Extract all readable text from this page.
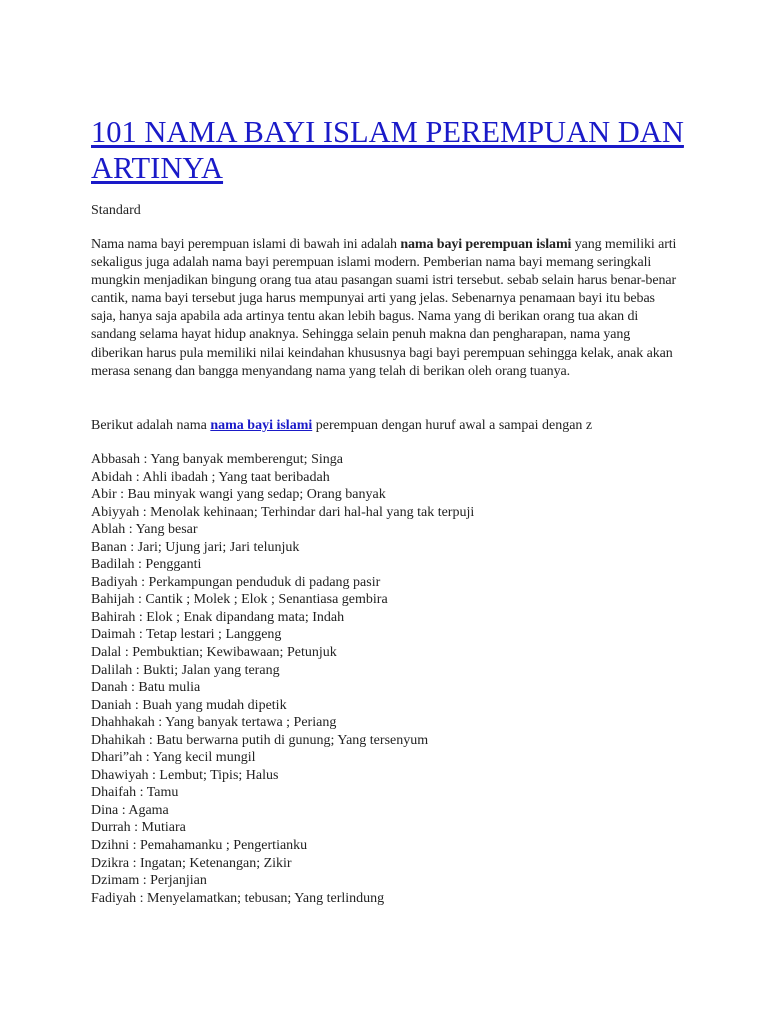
101 NAMA BAYI ISLAM PEREMPUAN DAN ARTINYA
Standard

Nama nama bayi perempuan islami di bawah ini adalah nama bayi perempuan islami yang memiliki arti sekaligus juga adalah nama bayi perempuan islami modern. Pemberian nama bayi memang seringkali mungkin menjadikan bingung orang tua atau pasangan suami istri tersebut. sebab selain harus benar-benar cantik, nama bayi tersebut juga harus mempunyai arti yang jelas. Sebenarnya penamaan bayi itu bebas saja, hanya saja apabila ada artinya tentu akan lebih bagus. Nama yang di berikan orang tua akan di sandang selama hayat hidup anaknya. Sehingga selain penuh makna dan pengharapan, nama yang diberikan harus pula memiliki nilai keindahan khususnya bagi bayi perempuan sehingga kelak, anak akan merasa senang dan bangga menyandang nama yang telah di berikan oleh orang tuanya.

Berikut adalah nama nama bayi islami perempuan dengan huruf awal a sampai dengan z

Abbasah : Yang banyak memberengut; Singa
Abidah : Ahli ibadah ; Yang taat beribadah
Abir : Bau minyak wangi yang sedap; Orang banyak
Abiyyah : Menolak kehinaan; Terhindar dari hal-hal yang tak terpuji
Ablah : Yang besar
Banan : Jari; Ujung jari; Jari telunjuk
Badilah : Pengganti
Badiyah : Perkampungan penduduk di padang pasir
Bahijah : Cantik ; Molek ; Elok ; Senantiasa gembira
Bahirah : Elok ; Enak dipandang mata; Indah
Daimah : Tetap lestari ; Langgeng
Dalal : Pembuktian; Kewibawaan; Petunjuk
Dalilah : Bukti; Jalan yang terang
Danah : Batu mulia
Daniah : Buah yang mudah dipetik
Dhahhakah : Yang banyak tertawa ; Periang
Dhahikah : Batu berwarna putih di gunung; Yang tersenyum
Dhari”ah : Yang kecil mungil
Dhawiyah : Lembut; Tipis; Halus
Dhaifah : Tamu
Dina : Agama
Durrah : Mutiara
Dzihni : Pemahamanku ; Pengertianku
Dzikra : Ingatan; Ketenangan; Zikir
Dzimam : Perjanjian
Fadiyah : Menyelamatkan; tebusan; Yang terlindung
